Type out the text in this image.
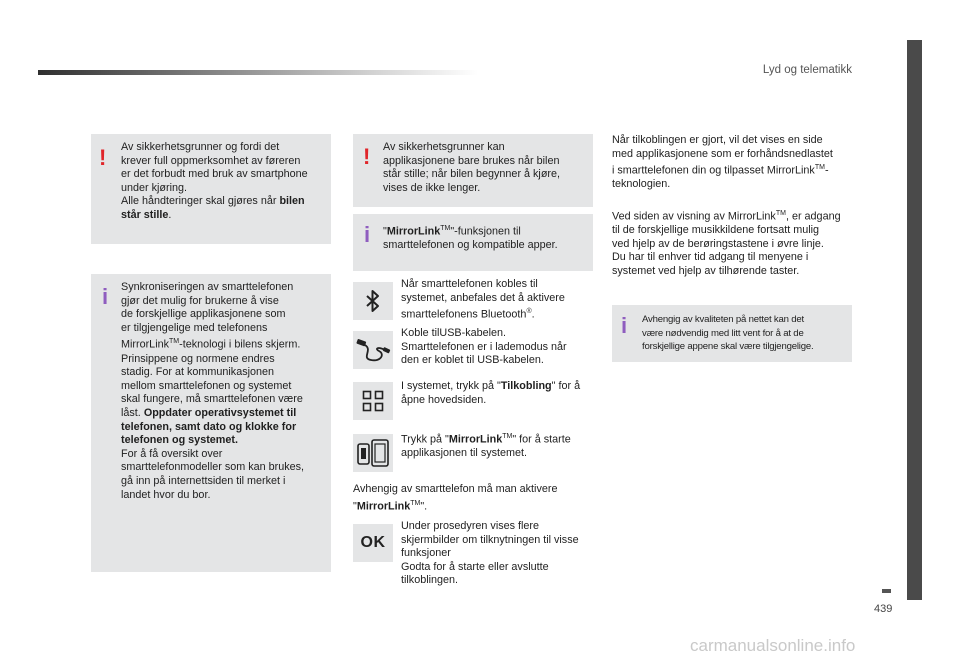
Lyd og telematikk
439
! Av sikkerhetsgrunner og fordi det

krever full oppmerksomhet av føreren

er det forbudt med bruk av smartphone

under kjøring.

Alle håndteringer skal gjøres når bilen

står stille.

i Synkroniseringen av smarttelefonen

gjør det mulig for brukerne å vise

de forskjellige applikasjonene som

er tilgjengelige med telefonens

MirrorLink™-teknologi i bilens skjerm.

Prinsippene og normene endres

stadig. For at kommunikasjonen

mellom smarttelefonen og systemet

skal fungere, må smarttelefonen være

låst. Oppdater operativsystemet til

telefonen, samt dato og klokke for

telefonen og systemet.

For å få oversikt over

smarttelefonmodeller som kan brukes,

gå inn på internettsiden til merket i

landet hvor du bor.

! Av sikkerhetsgrunner kan

applikasjonene bare brukes når bilen

står stille; når bilen begynner å kjøre,

vises de ikke lenger.

i "MirrorLink™"-funksjonen til

smarttelefonen og kompatible apper.

Når smarttelefonen kobles til

systemet, anbefales det å aktivere

smarttelefonens Bluetooth®.

Koble tilUSB-kabelen.

Smarttelefonen er i lademodus når

den er koblet til USB-kabelen.

I systemet, trykk på "Tilkobling" for å

åpne hovedsiden.

Trykk på "MirrorLink™" for å starte

applikasjonen til systemet.

Avhengig av smarttelefon må man aktivere

"MirrorLink™".

OK

Under prosedyren vises flere

skjermbilder om tilknytningen til visse

funksjoner

Godta for å starte eller avslutte

tilkoblingen.

Når tilkoblingen er gjort, vil det vises en side

med applikasjonene som er forhåndsnedlastet

i smarttelefonen din og tilpasset MirrorLink™-

teknologien.

Ved siden av visning av MirrorLink™, er adgang

til de forskjellige musikkildene fortsatt mulig

ved hjelp av de berøringstastene i øvre linje.

Du har til enhver tid adgang til menyene i

systemet ved hjelp av tilhørende taster.

i Avhengig av kvaliteten på nettet kan det

være nødvendig med litt vent for å at de

forskjellige appene skal være tilgjengelige.

carmanualsonline.info
